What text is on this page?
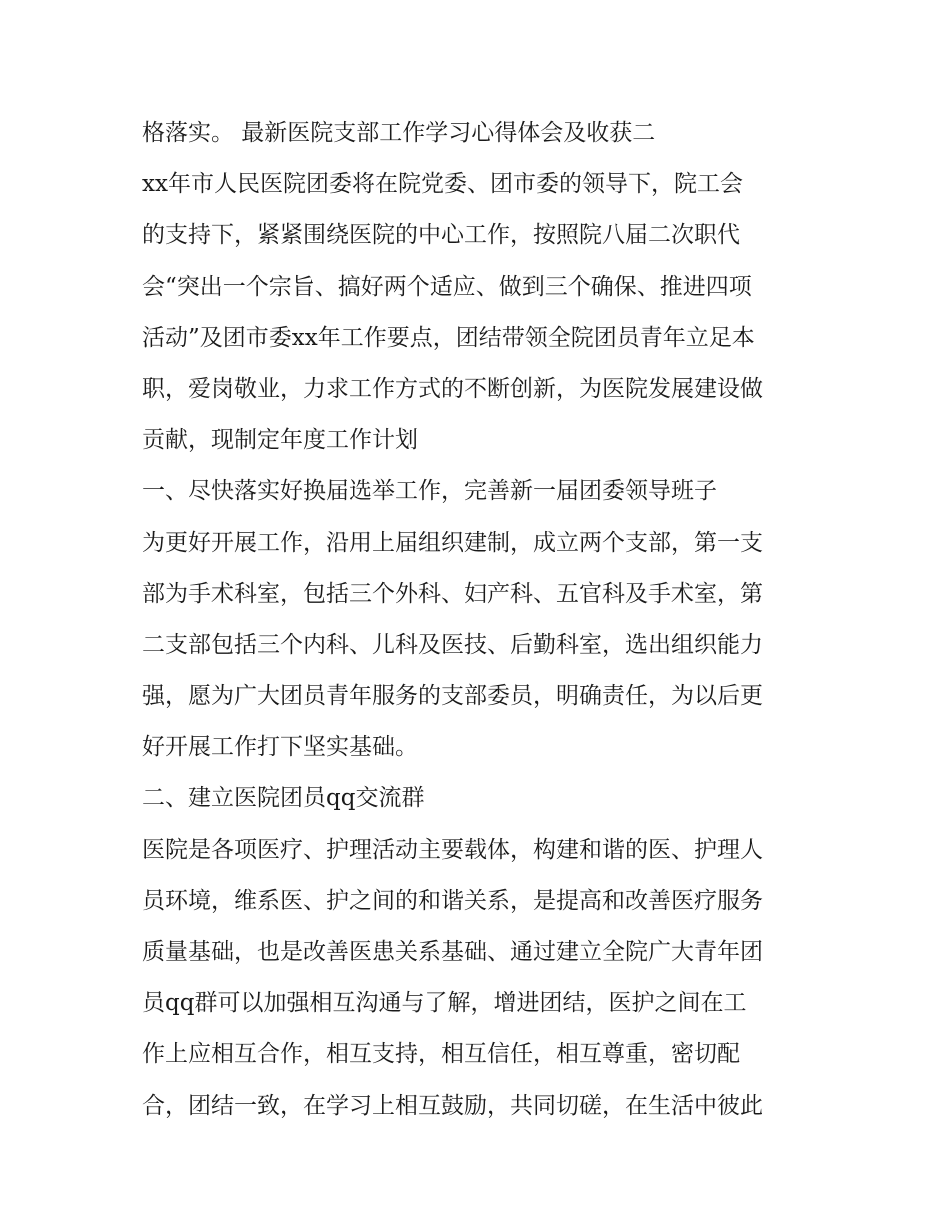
格落实。 最新医院支部工作学习心得体会及收获二
xx年市人民医院团委将在院党委、团市委的领导下，院工会
的支持下，紧紧围绕医院的中心工作，按照院八届二次职代
会“突出一个宗旨、搞好两个适应、做到三个确保、推进四项
活动”及团市委xx年工作要点，团结带领全院团员青年立足本
职，爱岗敬业，力求工作方式的不断创新，为医院发展建设做
贡献，现制定年度工作计划
一、尽快落实好换届选举工作，完善新一届团委领导班子
为更好开展工作，沿用上届组织建制，成立两个支部，第一支
部为手术科室，包括三个外科、妇产科、五官科及手术室，第
二支部包括三个内科、儿科及医技、后勤科室，选出组织能力
强，愿为广大团员青年服务的支部委员，明确责任，为以后更
好开展工作打下坚实基础。
二、建立医院团员qq交流群
医院是各项医疗、护理活动主要载体，构建和谐的医、护理人
员环境，维系医、护之间的和谐关系，是提高和改善医疗服务
质量基础，也是改善医患关系基础、通过建立全院广大青年团
员qq群可以加强相互沟通与了解，增进团结，医护之间在工
作上应相互合作，相互支持，相互信任，相互尊重，密切配
合，团结一致，在学习上相互鼓励，共同切磋，在生活中彼此
